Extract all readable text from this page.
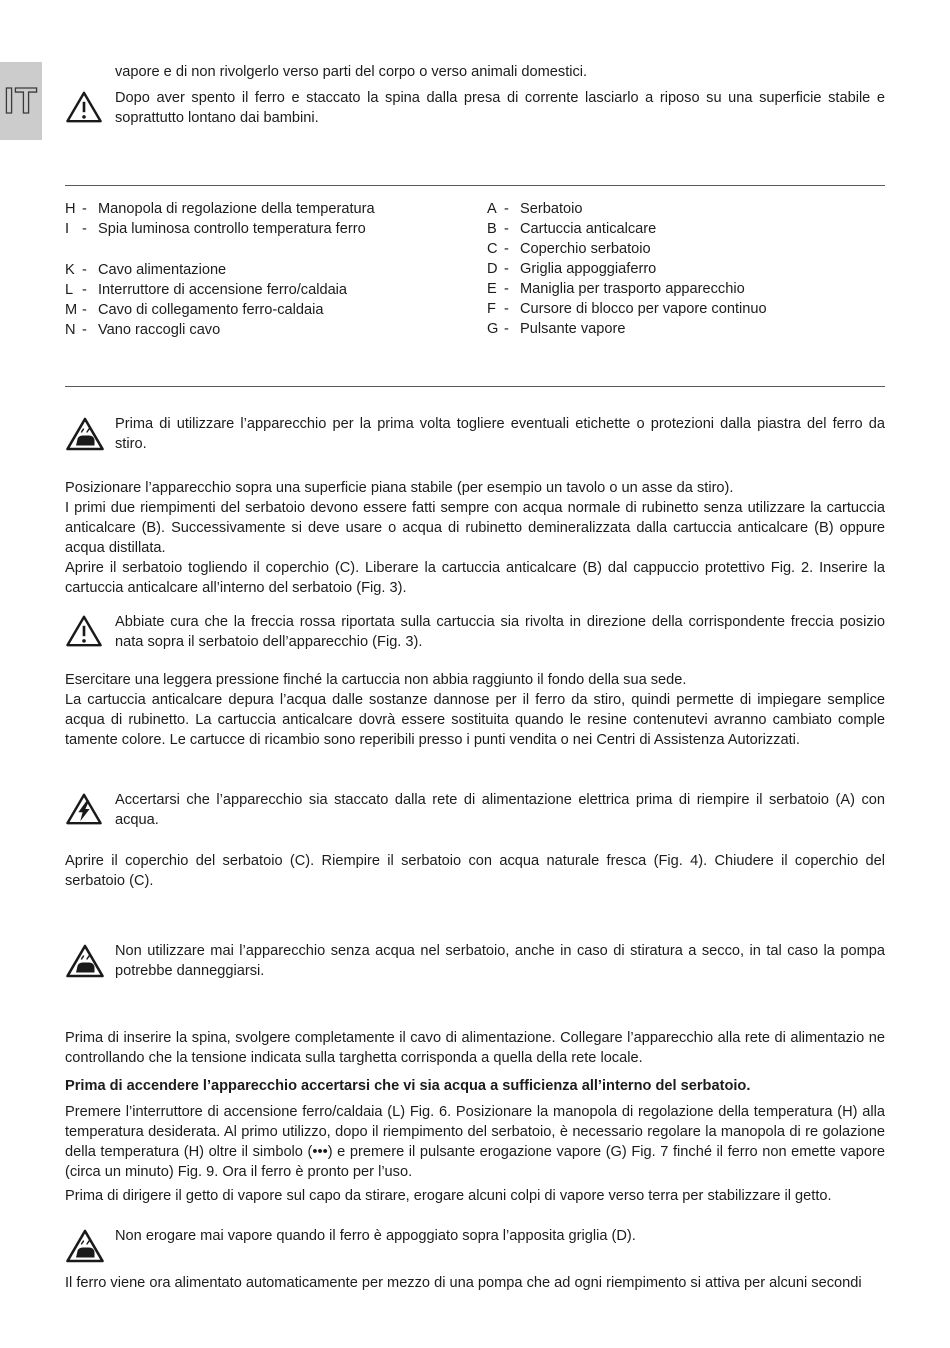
IT

vapore e di non rivolgerlo verso parti del corpo o verso animali domestici.

Dopo aver spento il ferro e staccato la spina dalla presa di corrente lasciarlo a riposo su una superficie stabile e soprattutto lontano dai bambini.

H - Manopola di regolazione della temperatura
I - Spia luminosa controllo temperatura ferro
K - Cavo alimentazione
L - Interruttore di accensione ferro/caldaia
M - Cavo di collegamento ferro-caldaia
N - Vano raccogli cavo
A - Serbatoio
B - Cartuccia anticalcare
C - Coperchio serbatoio
D - Griglia appoggiaferro
E - Maniglia per trasporto apparecchio
F - Cursore di blocco per vapore continuo
G - Pulsante vapore

Prima di utilizzare l’apparecchio per la prima volta togliere eventuali etichette o protezioni dalla piastra del ferro da stiro.

Posizionare l’apparecchio sopra una superficie piana stabile (per esempio un tavolo o un asse da stiro).

I primi due riempimenti del serbatoio devono essere fatti sempre con acqua normale di rubinetto senza utilizzare la cartuccia anticalcare (B). Successivamente si deve usare o acqua di rubinetto demineralizzata dalla cartuccia anticalcare (B) oppure acqua distillata.

Aprire il serbatoio togliendo il coperchio (C). Liberare la cartuccia anticalcare (B) dal cappuccio protettivo Fig. 2. Inserire la cartuccia anticalcare all’interno del serbatoio (Fig. 3).

Abbiate cura che la freccia rossa riportata sulla cartuccia sia rivolta in direzione della corrispondente freccia posizio nata sopra il serbatoio dell’apparecchio (Fig. 3).

Esercitare una leggera pressione finché la cartuccia non abbia raggiunto il fondo della sua sede.

La cartuccia anticalcare depura l’acqua dalle sostanze dannose per il ferro da stiro, quindi permette di impiegare semplice acqua di rubinetto. La cartuccia anticalcare dovrà essere sostituita quando le resine contenutevi avranno cambiato comple tamente colore. Le cartucce di ricambio sono reperibili presso i punti vendita o nei Centri di Assistenza Autorizzati.

Accertarsi che l’apparecchio sia staccato dalla rete di alimentazione elettrica prima di riempire il serbatoio (A) con acqua.

Aprire il coperchio del serbatoio (C). Riempire il serbatoio con acqua naturale fresca (Fig. 4). Chiudere il coperchio del serbatoio (C).

Non utilizzare mai l’apparecchio senza acqua nel serbatoio, anche in caso di stiratura a secco, in tal caso la pompa potrebbe danneggiarsi.

Prima di inserire la spina, svolgere completamente il cavo di alimentazione. Collegare l’apparecchio alla rete di alimentazio ne controllando che la tensione indicata sulla targhetta corrisponda a quella della rete locale.

Prima di accendere l’apparecchio accertarsi che vi sia acqua a sufficienza all’interno del serbatoio.

Premere l’interruttore di accensione ferro/caldaia (L) Fig. 6. Posizionare la manopola di regolazione della temperatura (H) alla temperatura desiderata. Al primo utilizzo, dopo il riempimento del serbatoio, è necessario regolare la manopola di re golazione della temperatura (H) oltre il simbolo (•••) e premere il pulsante erogazione vapore (G) Fig. 7 finché il ferro non emette vapore (circa un minuto) Fig. 9. Ora il ferro è pronto per l’uso.

Prima di dirigere il getto di vapore sul capo da stirare, erogare alcuni colpi di vapore verso terra per stabilizzare il getto.

Non erogare mai vapore quando il ferro è appoggiato sopra l’apposita griglia (D).

Il ferro viene ora alimentato automaticamente per mezzo di una pompa che ad ogni riempimento si attiva per alcuni secondi
